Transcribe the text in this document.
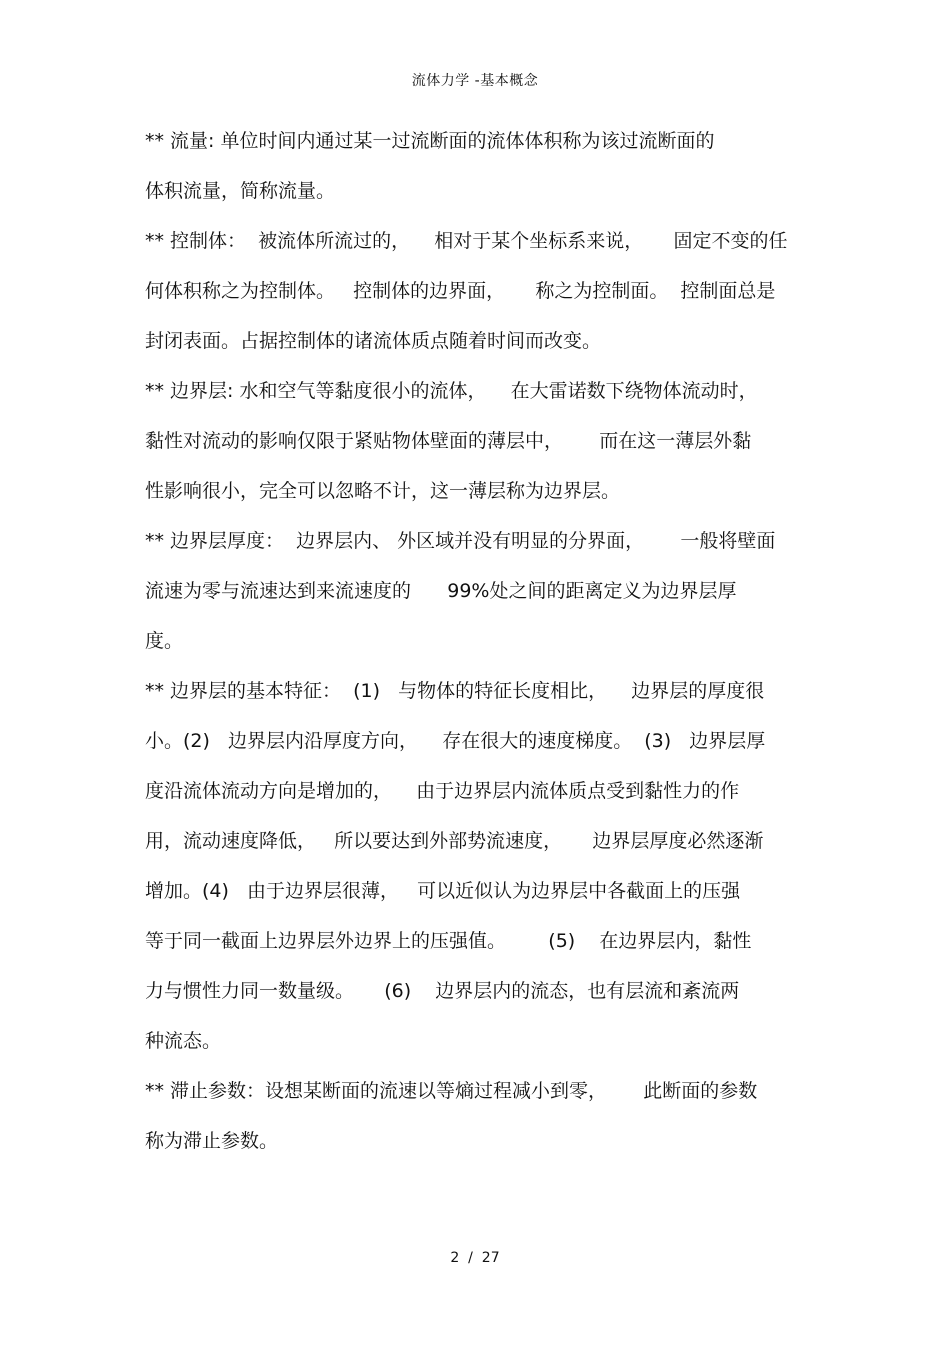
流体力学 -基本概念
** 流量: 单位时间内通过某一过流断面的流体体积称为该过流断面的
体积流量，简称流量。
** 控制体：  被流体所流过的，    相对于某个坐标系来说，     固定不变的任
何体积称之为控制体。   控制体的边界面，     称之为控制面。  控制面总是
封闭表面。占据控制体的诸流体质点随着时间而改变。
** 边界层: 水和空气等黏度很小的流体，    在大雷诺数下绕物体流动时，
黏性对流动的影响仅限于紧贴物体壁面的薄层中，      而在这一薄层外黏
性影响很小，完全可以忽略不计，这一薄层称为边界层。
** 边界层厚度：  边界层内、 外区域并没有明显的分界面，      一般将壁面
流速为零与流速达到来流速度的      99%处之间的距离定义为边界层厚
度。
** 边界层的基本特征：  (1)   与物体的特征长度相比，    边界层的厚度很
小。(2)   边界层内沿厚度方向，    存在很大的速度梯度。  (3)   边界层厚
度沿流体流动方向是增加的，    由于边界层内流体质点受到黏性力的作
用，流动速度降低，   所以要达到外部势流速度，     边界层厚度必然逐渐
增加。(4)   由于边界层很薄，   可以近似认为边界层中各截面上的压强
等于同一截面上边界层外边界上的压强值。       (5)    在边界层内，黏性
力与惯性力同一数量级。     (6)    边界层内的流态，也有层流和紊流两
种流态。
** 滞止参数：设想某断面的流速以等熵过程减小到零，      此断面的参数
称为滞止参数。
2  /  27
